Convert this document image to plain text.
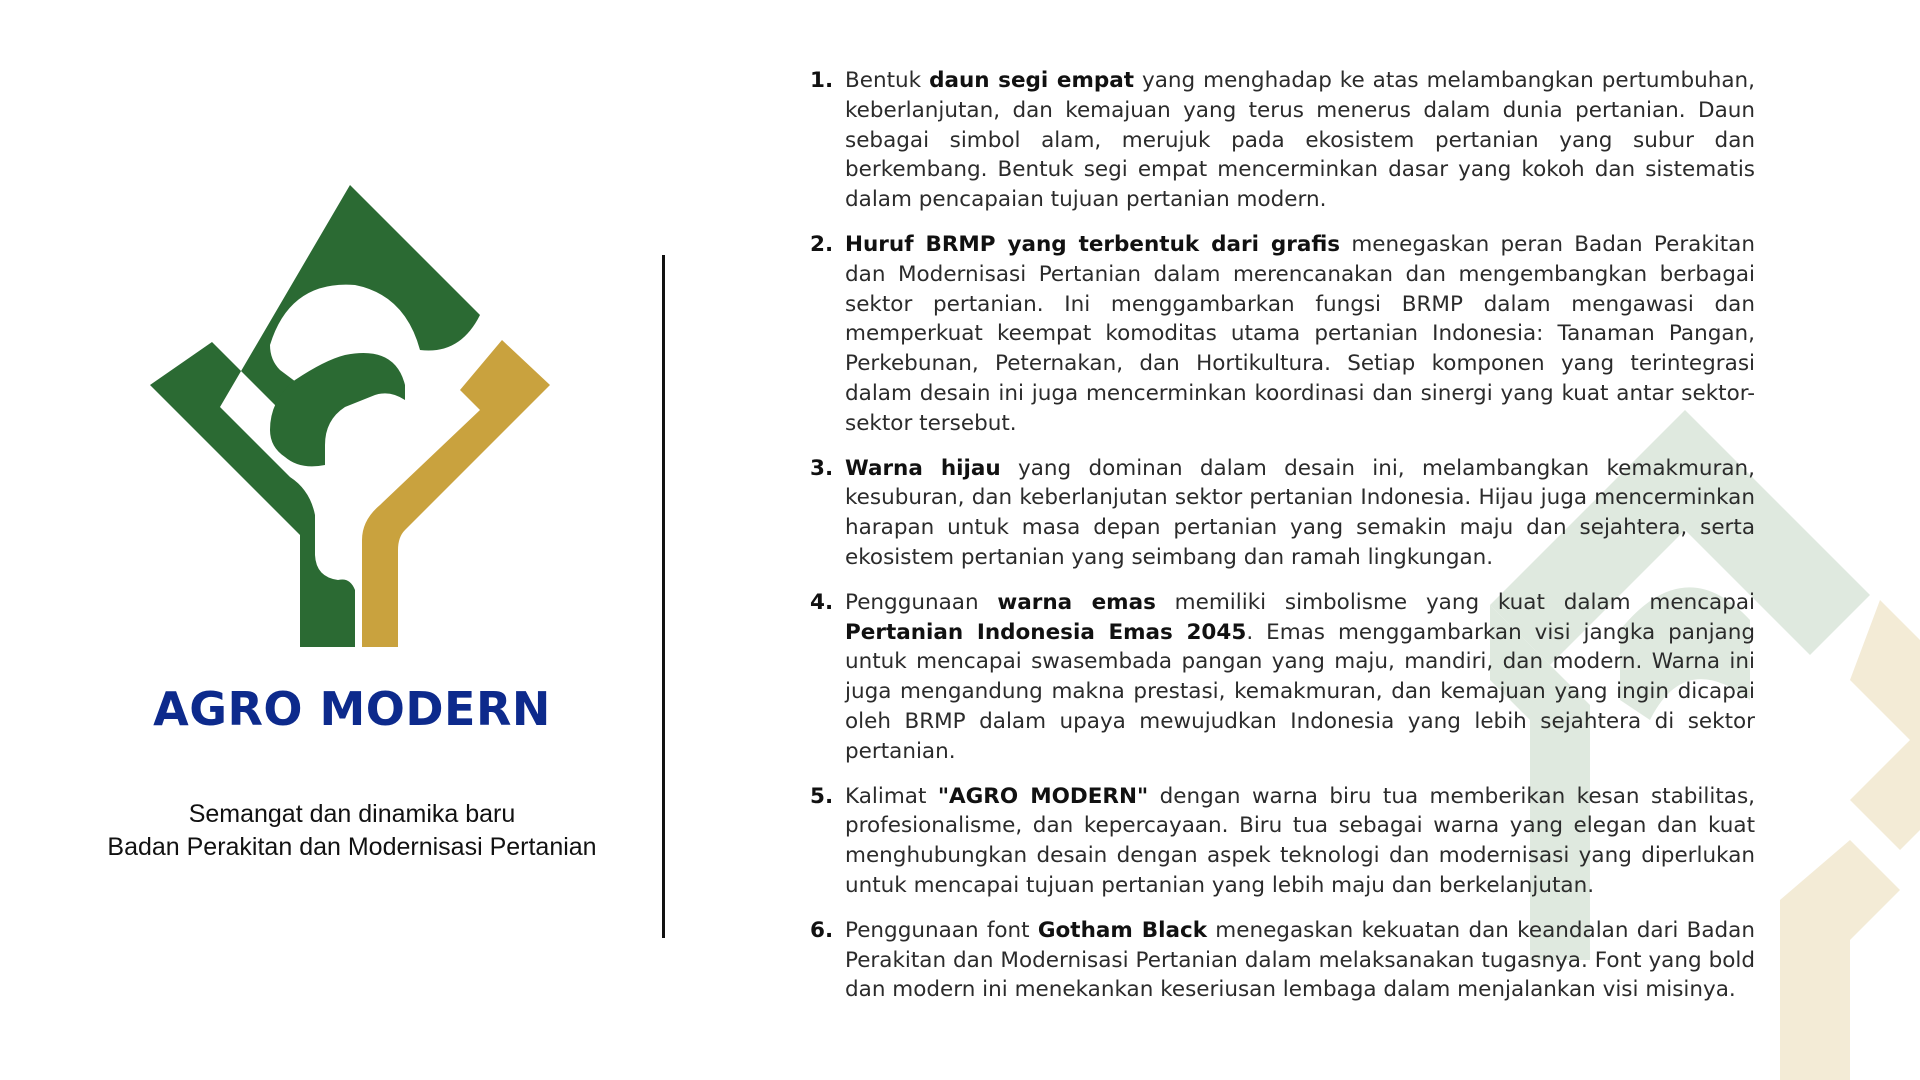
AGRO MODERN
Semangat dan dinamika baru
Badan Perakitan dan Modernisasi Pertanian
1. Bentuk daun segi empat yang menghadap ke atas melambangkan pertumbuhan, keberlanjutan, dan kemajuan yang terus menerus dalam dunia pertanian. Daun sebagai simbol alam, merujuk pada ekosistem pertanian yang subur dan berkembang. Bentuk segi empat mencerminkan dasar yang kokoh dan sistematis dalam pencapaian tujuan pertanian modern.
2. Huruf BRMP yang terbentuk dari grafis menegaskan peran Badan Perakitan dan Modernisasi Pertanian dalam merencanakan dan mengembangkan berbagai sektor pertanian. Ini menggambarkan fungsi BRMP dalam mengawasi dan memperkuat keempat komoditas utama pertanian Indonesia: Tanaman Pangan, Perkebunan, Peternakan, dan Hortikultura. Setiap komponen yang terintegrasi dalam desain ini juga mencerminkan koordinasi dan sinergi yang kuat antar sektor-sektor tersebut.
3. Warna hijau yang dominan dalam desain ini, melambangkan kemakmuran, kesuburan, dan keberlanjutan sektor pertanian Indonesia. Hijau juga mencerminkan harapan untuk masa depan pertanian yang semakin maju dan sejahtera, serta ekosistem pertanian yang seimbang dan ramah lingkungan.
4. Penggunaan warna emas memiliki simbolisme yang kuat dalam mencapai Pertanian Indonesia Emas 2045. Emas menggambarkan visi jangka panjang untuk mencapai swasembada pangan yang maju, mandiri, dan modern. Warna ini juga mengandung makna prestasi, kemakmuran, dan kemajuan yang ingin dicapai oleh BRMP dalam upaya mewujudkan Indonesia yang lebih sejahtera di sektor pertanian.
5. Kalimat "AGRO MODERN" dengan warna biru tua memberikan kesan stabilitas, profesionalisme, dan kepercayaan. Biru tua sebagai warna yang elegan dan kuat menghubungkan desain dengan aspek teknologi dan modernisasi yang diperlukan untuk mencapai tujuan pertanian yang lebih maju dan berkelanjutan.
6. Penggunaan font Gotham Black menegaskan kekuatan dan keandalan dari Badan Perakitan dan Modernisasi Pertanian dalam melaksanakan tugasnya. Font yang bold dan modern ini menekankan keseriusan lembaga dalam menjalankan visi misinya.
